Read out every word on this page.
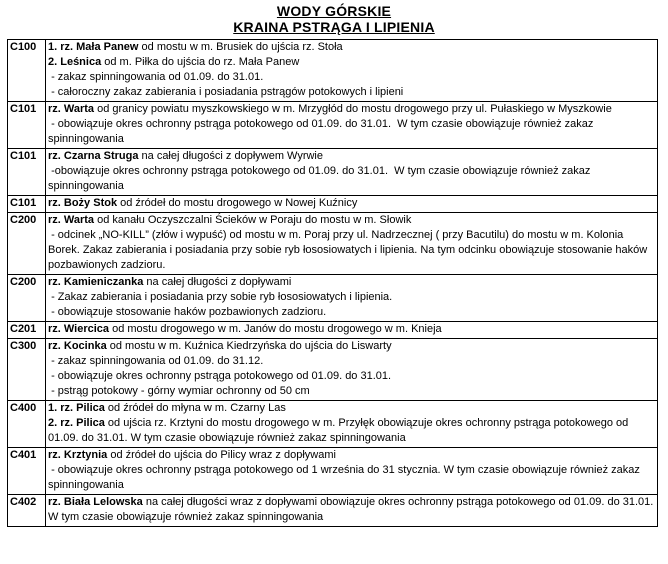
WODY GÓRSKIE
KRAINA PSTRĄGA I LIPIENIA
C100	1. rz. Mała Panew od mostu w m. Brusiek do ujścia rz. Stoła
2. Leśnica od m. Piłka do ujścia do rz. Mała Panew
- zakaz spinningowania od 01.09. do 31.01.
- całoroczny zakaz zabierania i posiadania pstrągów potokowych i lipieni

C101	rz. Warta od granicy powiatu myszkowskiego w m. Mrzygłód do mostu drogowego przy ul. Pułaskiego w Myszkowie
- obowiązuje okres ochronny pstrąga potokowego od 01.09. do 31.01.  W tym czasie obowiązuje również zakaz spinningowania

C101	rz. Czarna Struga na całej długości z dopływem Wyrwie
-obowiązuje okres ochronny pstrąga potokowego od 01.09. do 31.01.  W tym czasie obowiązuje również zakaz spinningowania

C101	rz. Boży Stok od źródeł do mostu drogowego w Nowej Kuźnicy

C200	rz. Warta od kanału Oczyszczalni Ścieków w Poraju do mostu w m. Słowik
- odcinek „NO-KILL” (złów i wypuść) od mostu w m. Poraj przy ul. Nadrzecznej ( przy Bacutilu) do mostu w m. Kolonia Borek. Zakaz zabierania i posiadania przy sobie ryb łososiowatych i lipienia. Na tym odcinku obowiązuje stosowanie haków pozbawionych zadzioru.

C200	rz. Kamieniczanka na całej długości z dopływami
- Zakaz zabierania i posiadania przy sobie ryb łososiowatych i lipienia.
- obowiązuje stosowanie haków pozbawionych zadzioru.

C201	rz. Wiercica od mostu drogowego w m. Janów do mostu drogowego w m. Knieja

C300	rz. Kocinka od mostu w m. Kuźnica Kiedrzyńska do ujścia do Liswarty
- zakaz spinningowania od 01.09. do 31.12.
- obowiązuje okres ochronny pstrąga potokowego od 01.09. do 31.01.
- pstrąg potokowy - górny wymiar ochronny od 50 cm

C400	1. rz. Pilica od źródeł do młyna w m. Czarny Las
2. rz. Pilica od ujścia rz. Krztyni do mostu drogowego w m. Przyłęk obowiązuje okres ochronny pstrąga potokowego od 01.09. do 31.01. W tym czasie obowiązuje również zakaz spinningowania

C401	rz. Krztynia od źródeł do ujścia do Pilicy wraz z dopływami
- obowiązuje okres ochronny pstrąga potokowego od 1 września do 31 stycznia. W tym czasie obowiązuje również zakaz spinningowania

C402	rz. Biała Lelowska na całej długości wraz z dopływami obowiązuje okres ochronny pstrąga potokowego od 01.09. do 31.01. W tym czasie obowiązuje również zakaz spinningowania
